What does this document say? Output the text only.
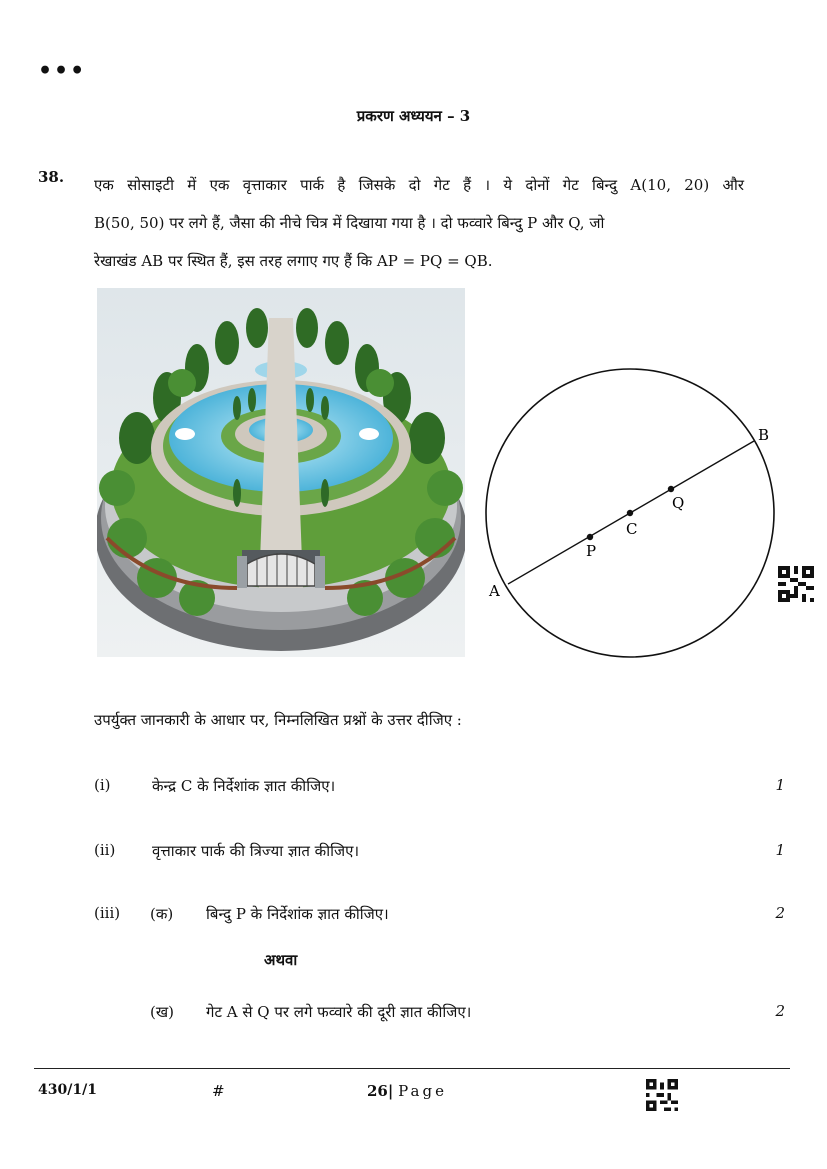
•••
प्रकरण अध्ययन – 3
38. एक सोसाइटी में एक वृत्ताकार पार्क है जिसके दो गेट हैं । ये दोनों गेट बिन्दु A(10, 20) और
B(50, 50) पर लगे हैं, जैसा की नीचे चित्र में दिखाया गया है । दो फव्वारे बिन्दु P और Q, जो
रेखाखंड AB पर स्थित हैं, इस तरह लगाए गए हैं कि AP = PQ = QB.
A
B
P
C
Q
उपर्युक्त जानकारी के आधार पर, निम्नलिखित प्रश्नों के उत्तर दीजिए :
(i)	केन्द्र C के निर्देशांक ज्ञात कीजिए।	1
(ii) वृत्ताकार पार्क की त्रिज्या ज्ञात कीजिए।	1
(iii) (क) बिन्दु P के निर्देशांक ज्ञात कीजिए।	2
अथवा
(ख) गेट A से Q पर लगे फव्वारे की दूरी ज्ञात कीजिए।	2
430/1/1	#	26| Page
